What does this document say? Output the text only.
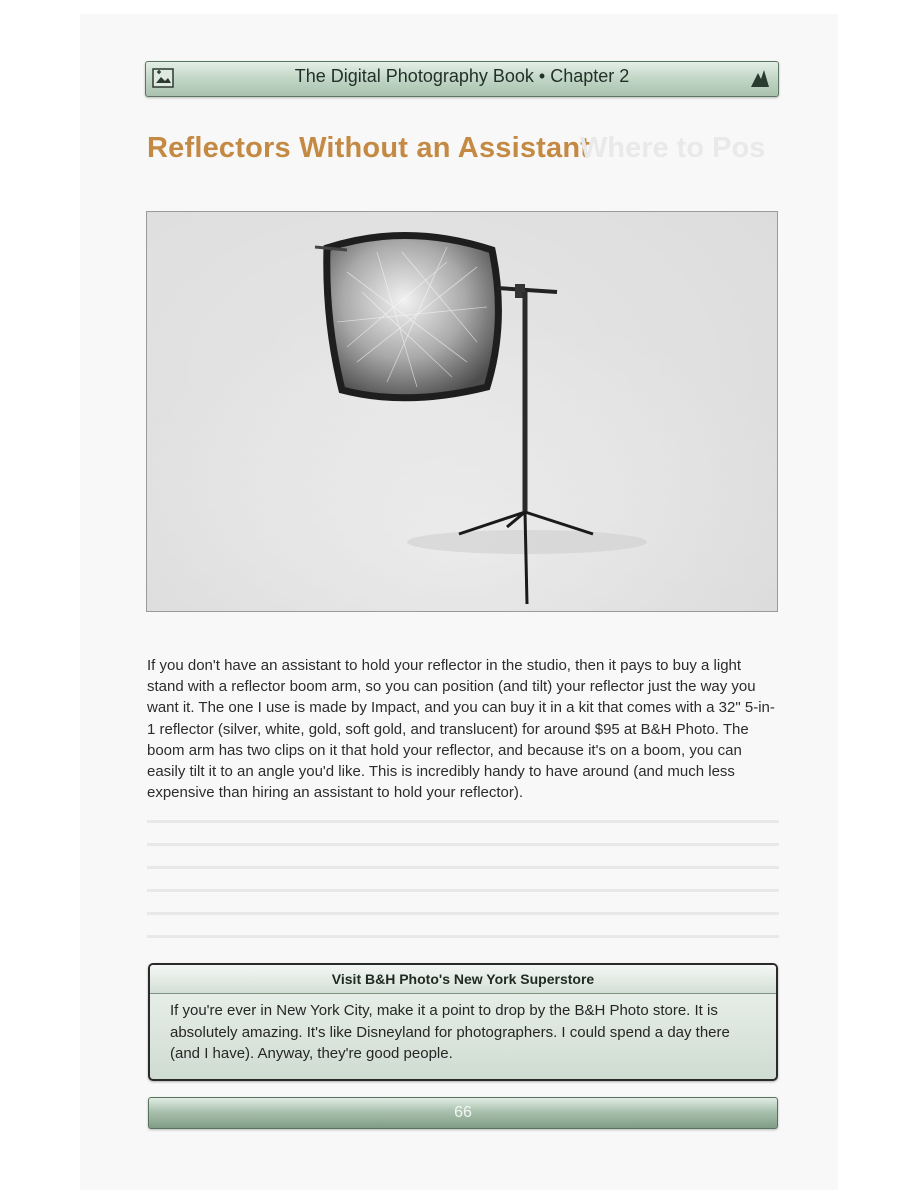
The Digital Photography Book • Chapter 2
Reflectors Without an Assistant
Where to Pos
If you don't have an assistant to hold your reflector in the studio, then it pays to buy a light stand with a reflector boom arm, so you can position (and tilt) your reflector just the way you want it. The one I use is made by Impact, and you can buy it in a kit that comes with a 32" 5-in-1 reflector (silver, white, gold, soft gold, and translucent) for around $95 at B&H Photo. The boom arm has two clips on it that hold your reflector, and because it's on a boom, you can easily tilt it to an angle you'd like. This is incredibly handy to have around (and much less expensive than hiring an assistant to hold your reflector).
Visit B&H Photo's New York Superstore
If you're ever in New York City, make it a point to drop by the B&H Photo store. It is absolutely amazing. It's like Disneyland for photographers. I could spend a day there (and I have). Anyway, they're good people.
66
